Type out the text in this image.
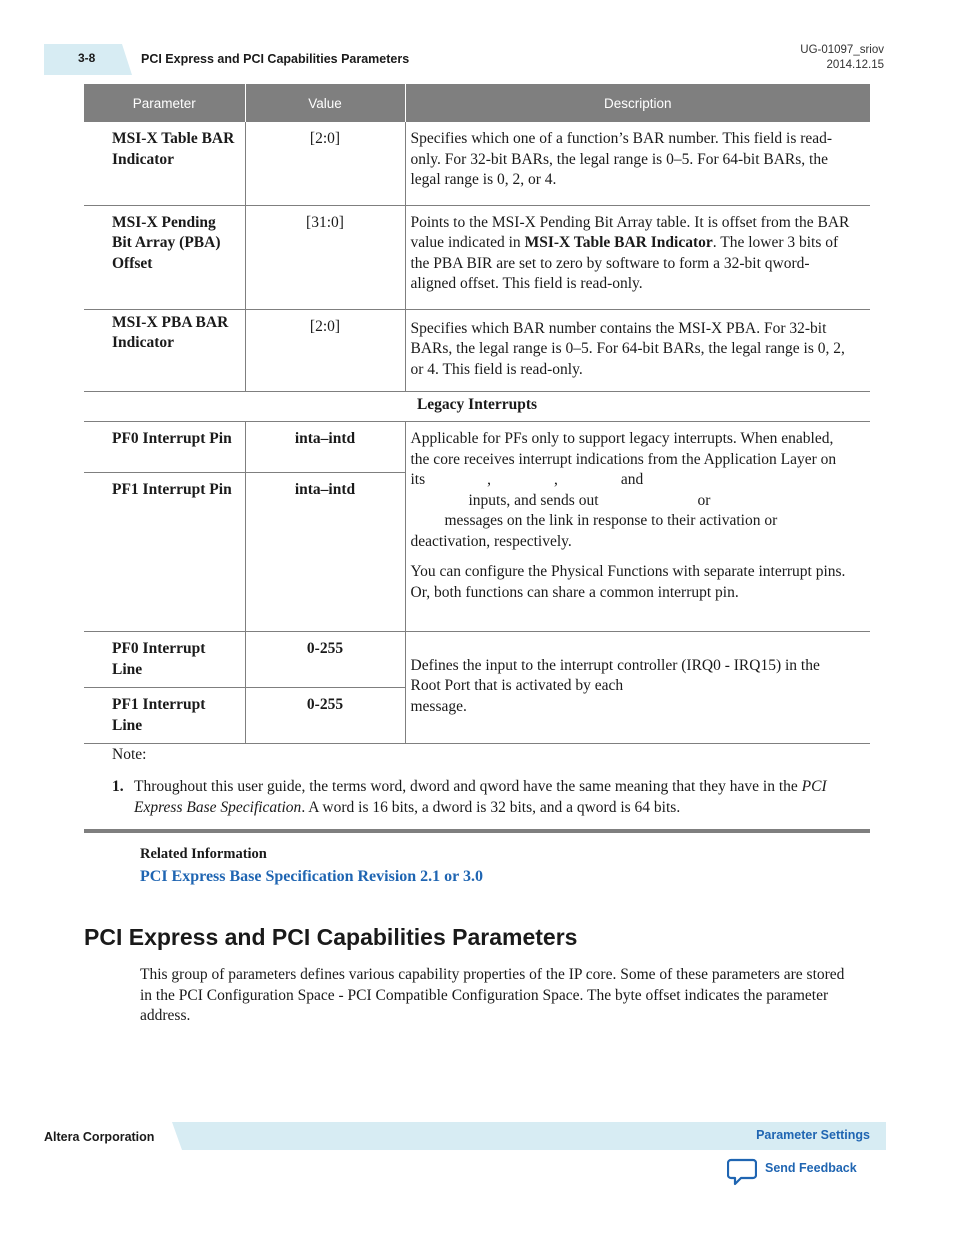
3-8	PCI Express and PCI Capabilities Parameters
UG-01097_sriov
2014.12.15
Parameter	Value	Description
MSI-X Table BAR Indicator	[2:0]	Specifies which one of a function’s BAR number. This field is read-only. For 32-bit BARs, the legal range is 0–5. For 64-bit BARs, the legal range is 0, 2, or 4.
MSI-X Pending Bit Array (PBA) Offset	[31:0]	Points to the MSI-X Pending Bit Array table. It is offset from the BAR value indicated in MSI-X Table BAR Indicator. The lower 3 bits of the PBA BIR are set to zero by software to form a 32-bit qword-aligned offset. This field is read-only.
MSI-X PBA BAR Indicator	[2:0]	Specifies which BAR number contains the MSI-X PBA. For 32-bit BARs, the legal range is 0–5. For 64-bit BARs, the legal range is 0, 2, or 4. This field is read-only.
Legacy Interrupts		
PF0 Interrupt Pin	inta–intd	Applicable for PFs only to support legacy interrupts. When enabled, the core receives interrupt indications from the Application Layer on its , , and
inputs, and sends out or
messages on the link in response to their activation or deactivation, respectively.
You can configure the Physical Functions with separate interrupt pins. Or, both functions can share a common interrupt pin.

PF1 Interrupt Pin	inta–intd	
PF0 Interrupt Line	0-255	Defines the input to the interrupt controller (IRQ0 - IRQ15) in the Root Port that is activated by each
message.
PF1 Interrupt Line	0-255	
Note:
1. Throughout this user guide, the terms word, dword and qword have the same meaning that they have in the PCI Express Base Specification. A word is 16 bits, a dword is 32 bits, and a qword is 64 bits.
Related Information
PCI Express Base Specification Revision 2.1 or 3.0
PCI Express and PCI Capabilities Parameters
This group of parameters defines various capability properties of the IP core. Some of these parameters are stored in the PCI Configuration Space - PCI Compatible Configuration Space. The byte offset indicates the parameter address.
Altera Corporation	Parameter Settings
Send Feedback
